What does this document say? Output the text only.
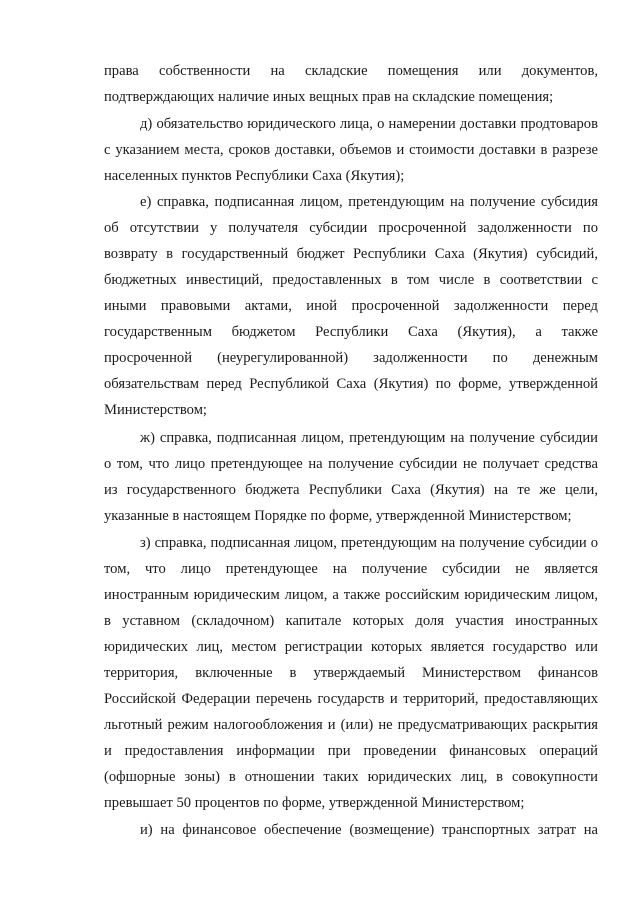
права собственности на складские помещения или документов,
подтверждающих наличие иных вещных прав на складские помещения;
д) обязательство юридического лица, о намерении доставки продтоваров
с указанием места, сроков доставки, объемов и стоимости доставки в разрезе
населенных пунктов Республики Саха (Якутия);
е) справка, подписанная лицом, претендующим на получение субсидия
об отсутствии у получателя субсидии просроченной задолженности по
возврату в государственный бюджет Республики Саха (Якутия) субсидий,
бюджетных инвестиций, предоставленных в том числе в соответствии с
иными правовыми актами, иной просроченной задолженности перед
государственным бюджетом Республики Саха (Якутия), а также
просроченной (неурегулированной) задолженности по денежным
обязательствам перед Республикой Саха (Якутия) по форме, утвержденной
Министерством;
ж) справка, подписанная лицом, претендующим на получение субсидии
о том, что лицо претендующее на получение субсидии не получает средства
из государственного бюджета Республики Саха (Якутия) на те же цели,
указанные в настоящем Порядке по форме, утвержденной Министерством;
з) справка, подписанная лицом, претендующим на получение субсидии о
том, что лицо претендующее на получение субсидии не является
иностранным юридическим лицом, а также российским юридическим лицом,
в уставном (складочном) капитале которых доля участия иностранных
юридических лиц, местом регистрации которых является государство или
территория, включенные в утверждаемый Министерством финансов
Российской Федерации перечень государств и территорий, предоставляющих
льготный режим налогообложения и (или) не предусматривающих раскрытия
и предоставления информации при проведении финансовых операций
(офшорные зоны) в отношении таких юридических лиц, в совокупности
превышает 50 процентов по форме, утвержденной Министерством;
и) на финансовое обеспечение (возмещение) транспортных затрат на
